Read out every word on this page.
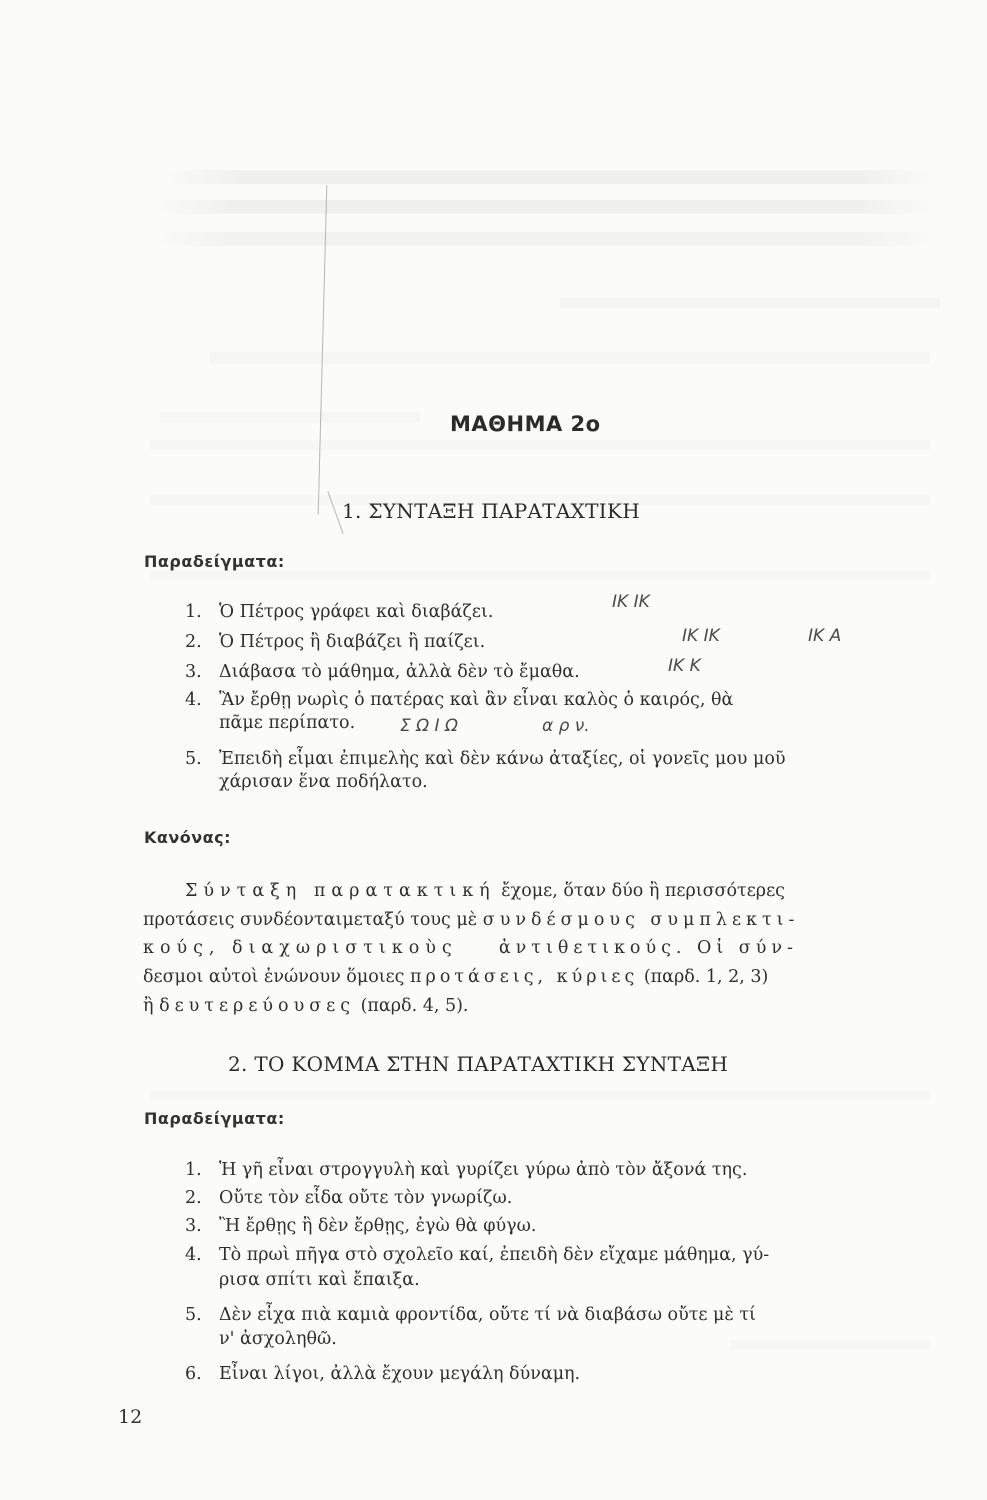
ΜΑΘΗΜΑ 2ο
1. ΣΥΝΤΑΞΗ ΠΑΡΑΤΑΧΤΙΚΗ
Παραδείγματα:
1. Ὁ Πέτρος γράφει καὶ διαβάζει.
2. Ὁ Πέτρος ἢ διαβάζει ἢ παίζει.
3. Διάβασα τὸ μάθημα, ἀλλὰ δὲν τὸ ἔμαθα.
4. Ἂν ἔρθῃ νωρὶς ὁ πατέρας καὶ ἂν εἶναι καλὸς ὁ καιρός, θὰ
πᾶμε περίπατο.
5. Ἐπειδὴ εἶμαι ἐπιμελὴς καὶ δὲν κάνω ἀταξίες, οἱ γονεῖς μου μοῦ
χάρισαν ἕνα ποδήλατο.
ΙΚ ΙΚ
ΙΚ ΙΚ	ΙΚ Α
ΙΚ Κ
Σ Ω Ι Ω	α ρ ν.
Κανόνας:
Σύνταξη παρατακτική ἔχομε, ὅταν δύο ἢ περισσότερες
προτάσεις συνδέονταιμεταξύ τους μὲ συνδέσμους συμπλεκτι-
κούς, διαχωριστικοὺς ἀντιθετικούς. Οἱ σύν-
δεσμοι αὐτοὶ ἑνώνουν ὅμοιες προτάσεις, κύριες (παρδ. 1, 2, 3)
ἢ δευτερεύουσες (παρδ. 4, 5).
2. ΤΟ ΚΟΜΜΑ ΣΤΗΝ ΠΑΡΑΤΑΧΤΙΚΗ ΣΥΝΤΑΞΗ
Παραδείγματα:
1. Ἡ γῆ εἶναι στρογγυλὴ καὶ γυρίζει γύρω ἀπὸ τὸν ἄξονά της.
2. Οὔτε τὸν εἶδα οὔτε τὸν γνωρίζω.
3. Ἢ ἔρθῃς ἢ δὲν ἔρθῃς, ἐγὼ θὰ φύγω.
4. Τὸ πρωὶ πῆγα στὸ σχολεῖο καί, ἐπειδὴ δὲν εἴχαμε μάθημα, γύ-
ρισα σπίτι καὶ ἔπαιξα.
5. Δὲν εἶχα πιὰ καμιὰ φροντίδα, οὔτε τί νὰ διαβάσω οὔτε μὲ τί
ν' ἀσχοληθῶ.
6. Εἶναι λίγοι, ἀλλὰ ἔχουν μεγάλη δύναμη.
12
